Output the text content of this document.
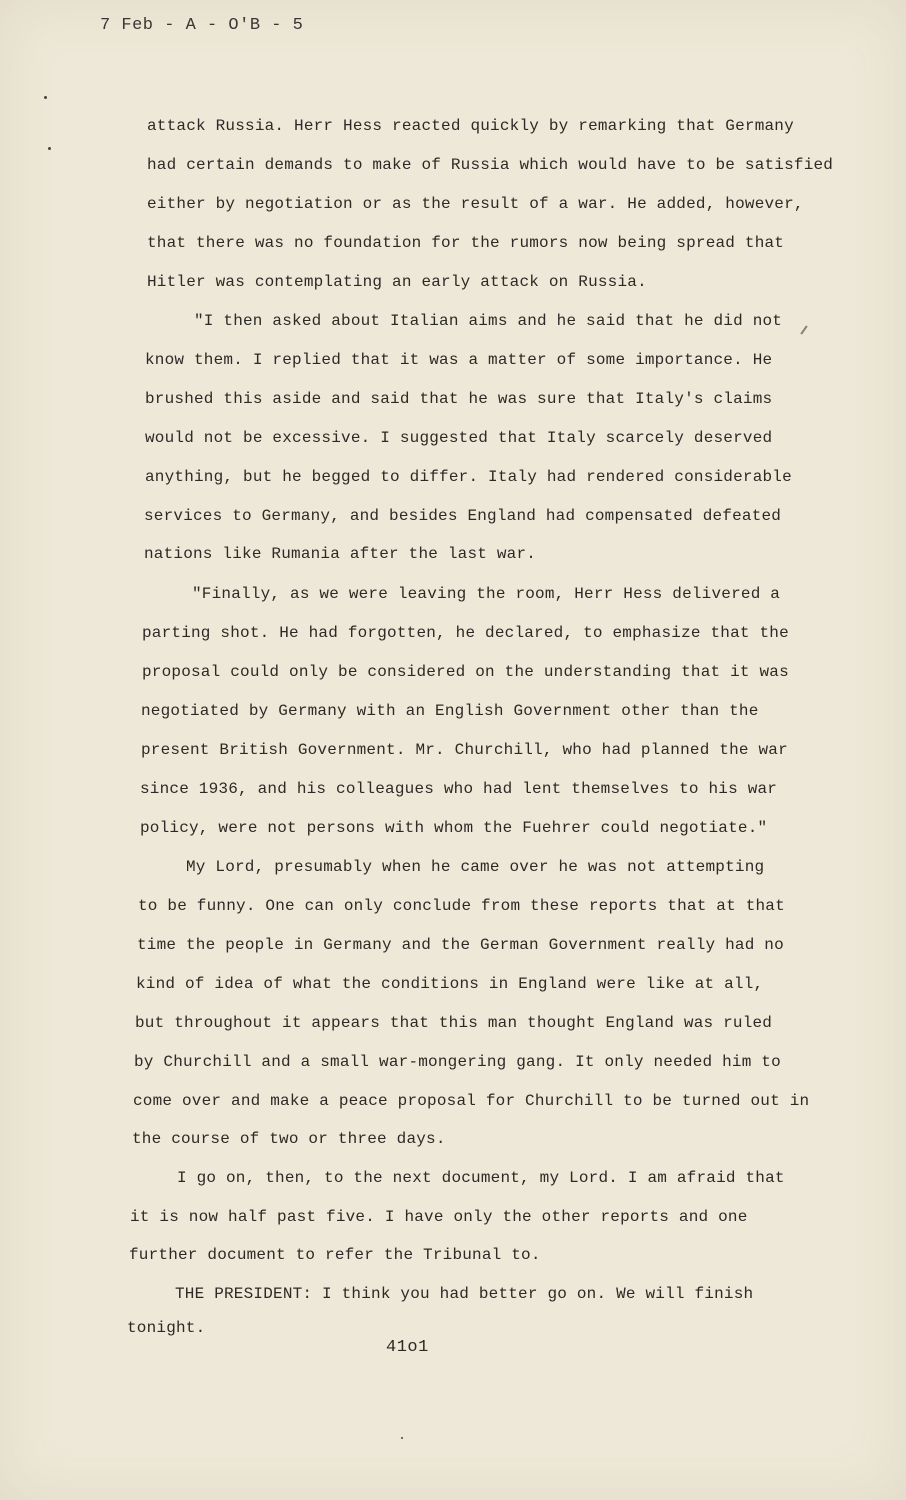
7 Feb - A - O'B - 5
attack Russia. Herr Hess reacted quickly by remarking that Germany
had certain demands to make of Russia which would have to be satisfied
either by negotiation or as the result of a war. He added, however,
that there was no foundation for the rumors now being spread that
Hitler was contemplating an early attack on Russia.
"I then asked about Italian aims and he said that he did not
know them. I replied that it was a matter of some importance. He
brushed this aside and said that he was sure that Italy's claims
would not be excessive. I suggested that Italy scarcely deserved
anything, but he begged to differ. Italy had rendered considerable
services to Germany, and besides England had compensated defeated
nations like Rumania after the last war.
"Finally, as we were leaving the room, Herr Hess delivered a
parting shot. He had forgotten, he declared, to emphasize that the
proposal could only be considered on the understanding that it was
negotiated by Germany with an English Government other than the
present British Government. Mr. Churchill, who had planned the war
since 1936, and his colleagues who had lent themselves to his war
policy, were not persons with whom the Fuehrer could negotiate."
My Lord, presumably when he came over he was not attempting
to be funny. One can only conclude from these reports that at that
time the people in Germany and the German Government really had no
kind of idea of what the conditions in England were like at all,
but throughout it appears that this man thought England was ruled
by Churchill and a small war-mongering gang. It only needed him to
come over and make a peace proposal for Churchill to be turned out in
the course of two or three days.
I go on, then, to the next document, my Lord. I am afraid that
it is now half past five. I have only the other reports and one
further document to refer the Tribunal to.
THE PRESIDENT: I think you had better go on. We will finish
tonight.
41o1
